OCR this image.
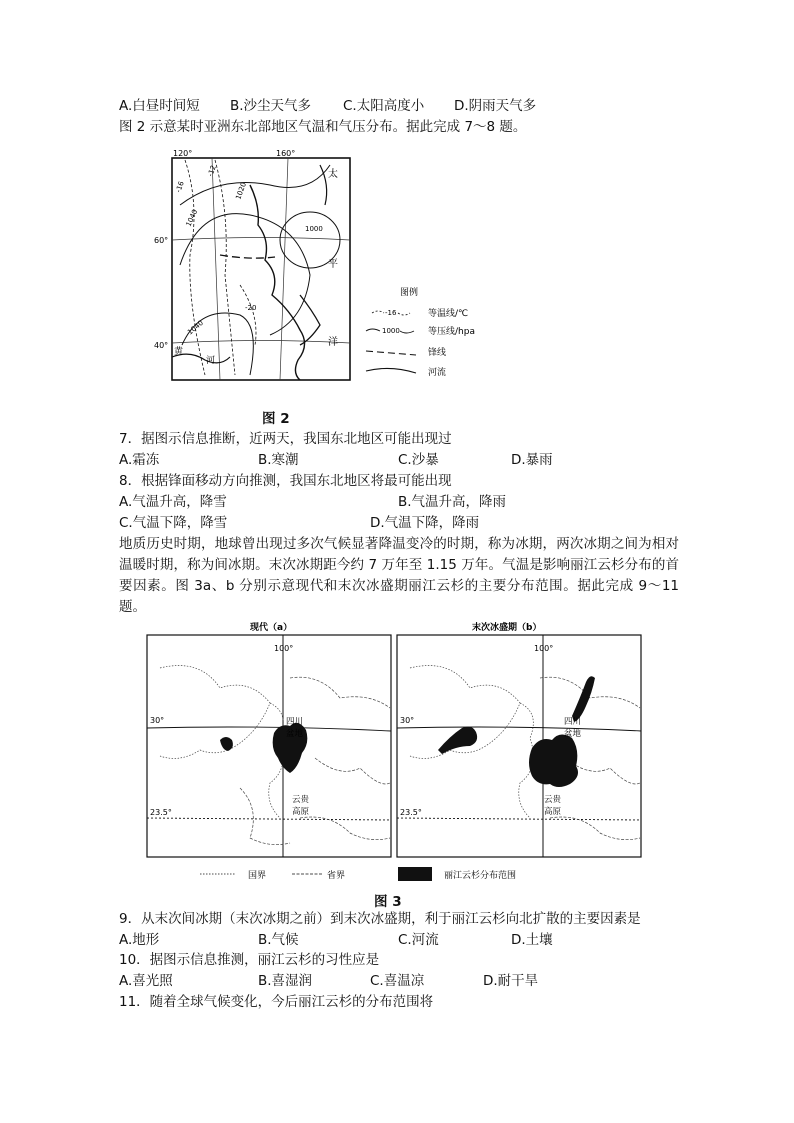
A.白昼时间短 B.沙尘天气多 C.太阳高度小 D.阴雨天气多
图 2 示意某时亚洲东北部地区气温和气压分布。据此完成 7～8 题。
120°	160°
60°
40°
-16
-12
-20
1040
1020
1000
1040
太
平
洋
黄
河
图例
-16	等温线/℃
1000	等压线/hpa
锋线
河流
图 2
7．据图示信息推断，近两天，我国东北地区可能出现过
A.霜冻	B.寒潮	C.沙暴	D.暴雨
8．根据锋面移动方向推测，我国东北地区将最可能出现
A.气温升高，降雪	B.气温升高，降雨
C.气温下降，降雪	D.气温下降，降雨
地质历史时期，地球曾出现过多次气候显著降温变冷的时期，称为冰期，两次冰期之间为相对温暖时期，称为间冰期。末次冰期距今约 7 万年至 1.15 万年。气温是影响丽江云杉分布的首要因素。图 3a、b 分别示意现代和末次冰盛期丽江云杉的主要分布范围。据此完成 9～11 题。
现代（a）	末次冰盛期（b）
100°
30°
23.5°
四川
盆地
云贵
高原
100°
30°
23.5°
四川
盆地
云贵
高原
国界	省界	丽江云杉分布范围
图 3
9．从末次间冰期（末次冰期之前）到末次冰盛期，利于丽江云杉向北扩散的主要因素是
A.地形	B.气候	C.河流	D.土壤
10．据图示信息推测，丽江云杉的习性应是
A.喜光照	B.喜湿润	C.喜温凉	D.耐干旱
11．随着全球气候变化，今后丽江云杉的分布范围将
